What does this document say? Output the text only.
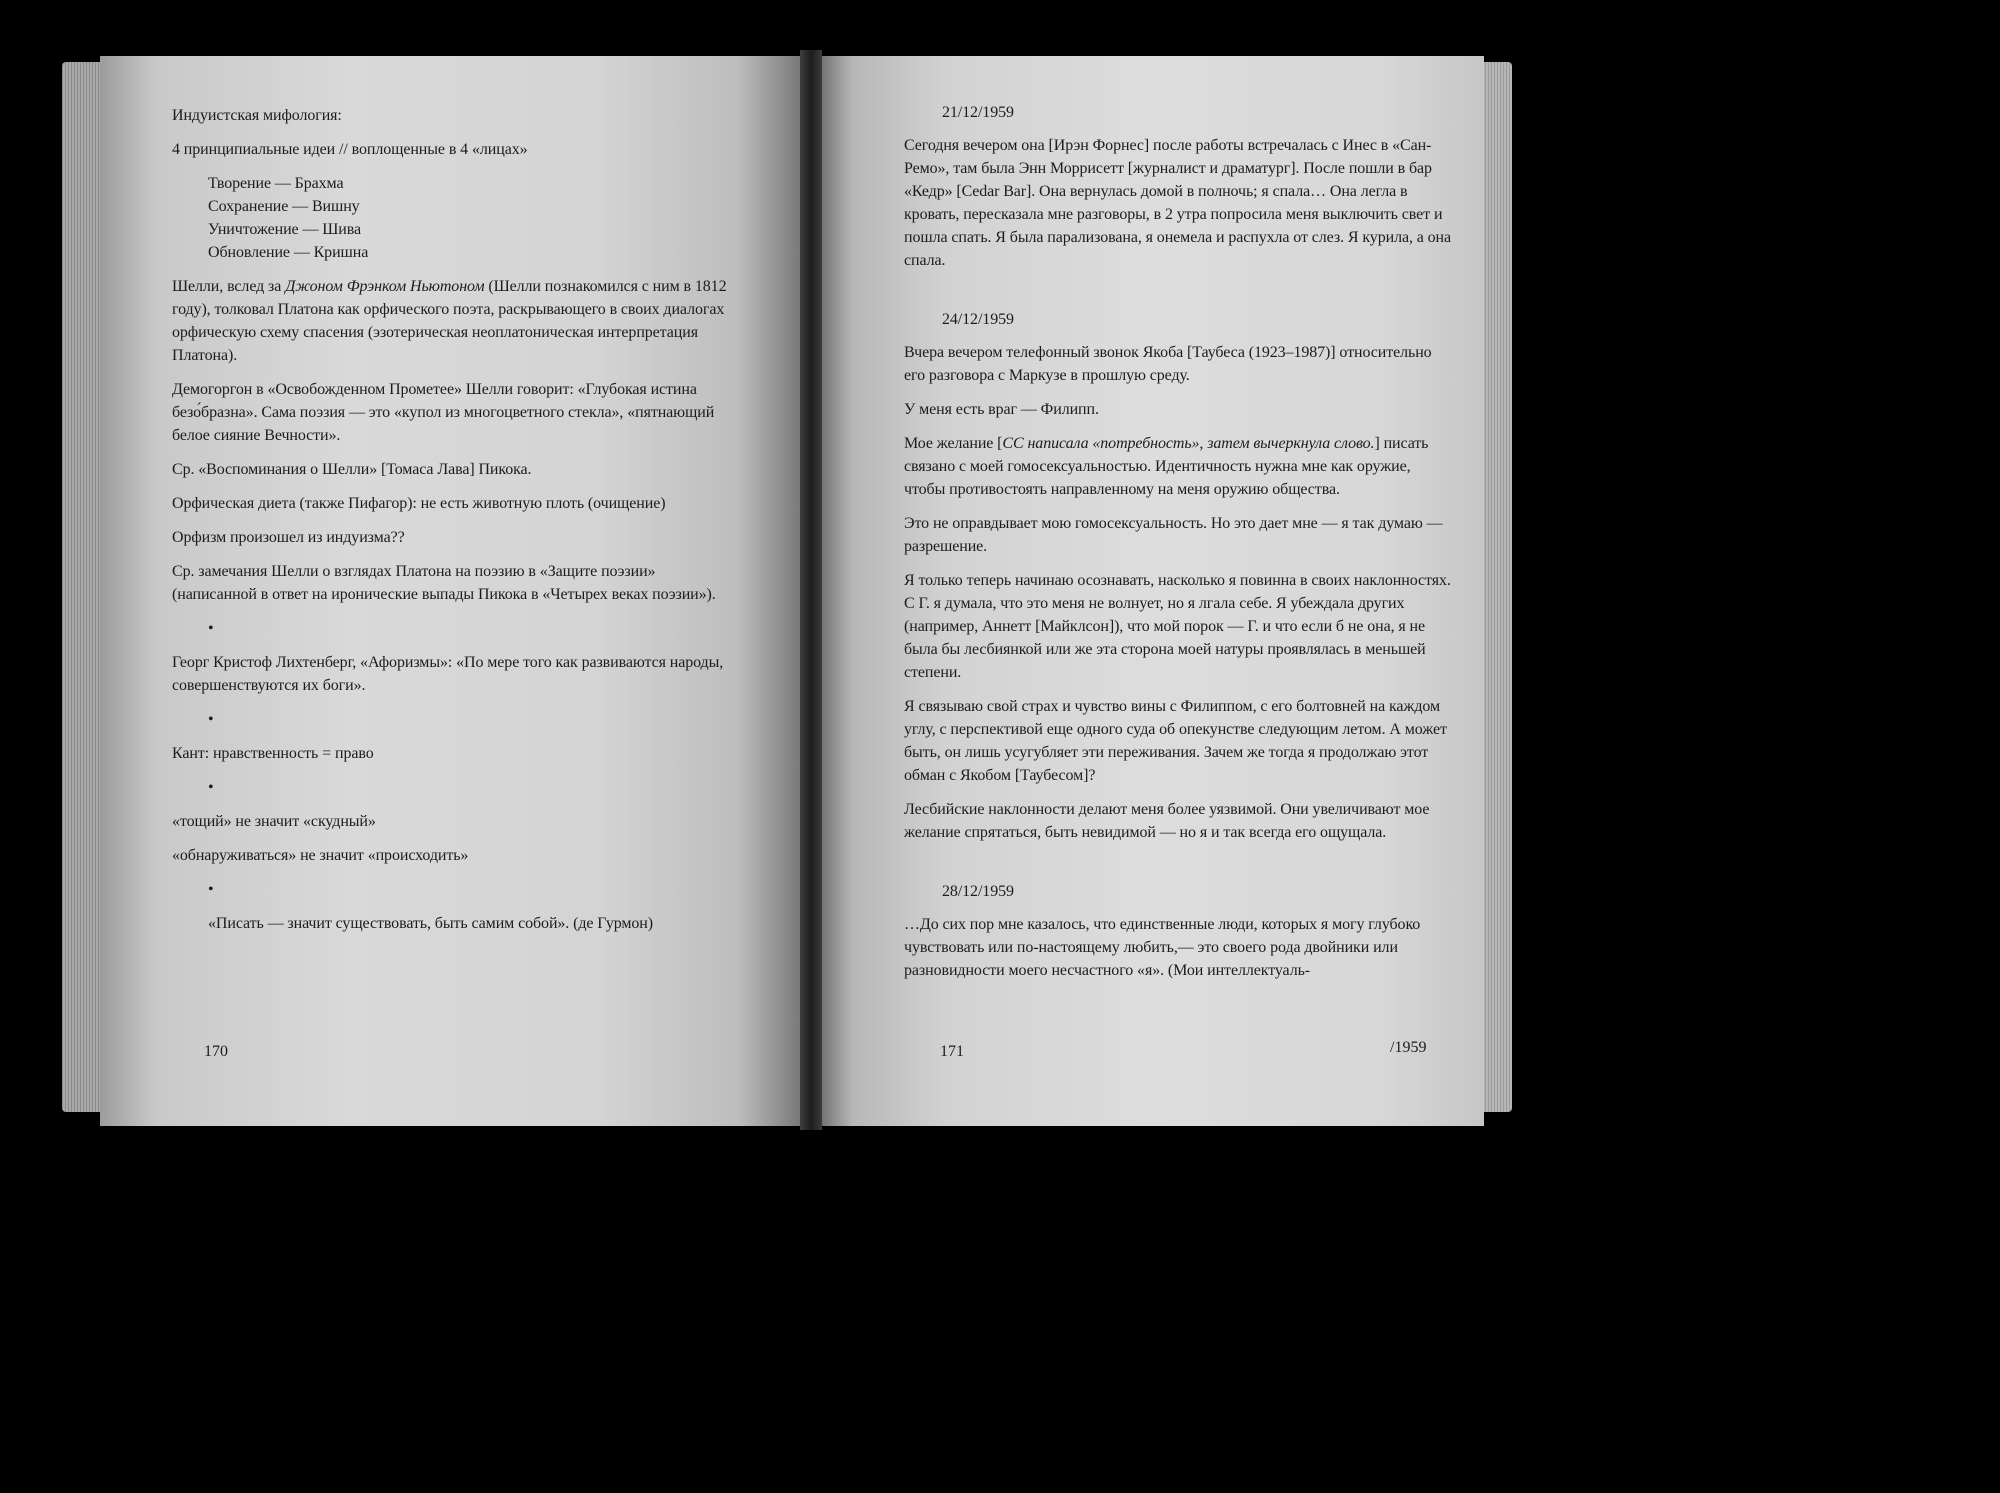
Индуистская мифология:

4 принципиальные идеи // воплощенные в 4 «лицах»

Творение — Брахма
Сохранение — Вишну
Уничтожение — Шива
Обновление — Кришна

Шелли, вслед за Джоном Фрэнком Ньютоном (Шелли познакомился с ним в 1812 году), толковал Платона как орфического поэта, раскрывающего в своих диалогах орфическую схему спасения (эзотерическая неоплатоническая интерпретация Платона).

Демогоргон в «Освобожденном Прометее» Шелли говорит: «Глубокая истина безо́бразна». Сама поэзия — это «купол из многоцветного стекла», «пятнающий белое сияние Вечности».

Ср. «Воспоминания о Шелли» [Томаса Лава] Пикока.

Орфическая диета (также Пифагор): не есть животную плоть (очищение)

Орфизм произошел из индуизма??

Ср. замечания Шелли о взглядах Платона на поэзию в «Защите поэзии» (написанной в ответ на иронические выпады Пикока в «Четырех веках поэзии»).

•

Георг Кристоф Лихтенберг, «Афоризмы»: «По мере того как развиваются народы, совершенствуются их боги».

•

Кант: нравственность = право

•

«тощий» не значит «скудный»

«обнаруживаться» не значит «происходить»

•

«Писать — значит существовать, быть самим собой». (де Гурмон)

170

21/12/1959

Сегодня вечером она [Ирэн Форнес] после работы встречалась с Инес в «Сан-Ремо», там была Энн Моррисетт [журналист и драматург]. После пошли в бар «Кедр» [Cedar Bar]. Она вернулась домой в полночь; я спала… Она легла в кровать, пересказала мне разговоры, в 2 утра попросила меня выключить свет и пошла спать. Я была парализована, я онемела и распухла от слез. Я курила, а она спала.

24/12/1959

Вчера вечером телефонный звонок Якоба [Таубеса (1923–1987)] относительно его разговора с Маркузе в прошлую среду.

У меня есть враг — Филипп.

Мое желание [СС написала «потребность», затем вычеркнула слово.] писать связано с моей гомосексуальностью. Идентичность нужна мне как оружие, чтобы противостоять направленному на меня оружию общества.

Это не оправдывает мою гомосексуальность. Но это дает мне — я так думаю — разрешение.

Я только теперь начинаю осознавать, насколько я повинна в своих наклонностях. С Г. я думала, что это меня не волнует, но я лгала себе. Я убеждала других (например, Аннетт [Майклсон]), что мой порок — Г. и что если б не она, я не была бы лесбиянкой или же эта сторона моей натуры проявлялась в меньшей степени.

Я связываю свой страх и чувство вины с Филиппом, с его болтовней на каждом углу, с перспективой еще одного суда об опекунстве следующим летом. А может быть, он лишь усугубляет эти переживания. Зачем же тогда я продолжаю этот обман с Якобом [Таубесом]?

Лесбийские наклонности делают меня более уязвимой. Они увеличивают мое желание спрятаться, быть невидимой — но я и так всегда его ощущала.

28/12/1959

…До сих пор мне казалось, что единственные люди, которых я могу глубоко чувствовать или по-настоящему любить,— это своего рода двойники или разновидности моего несчастного «я». (Мои интеллектуаль-

171	/1959
